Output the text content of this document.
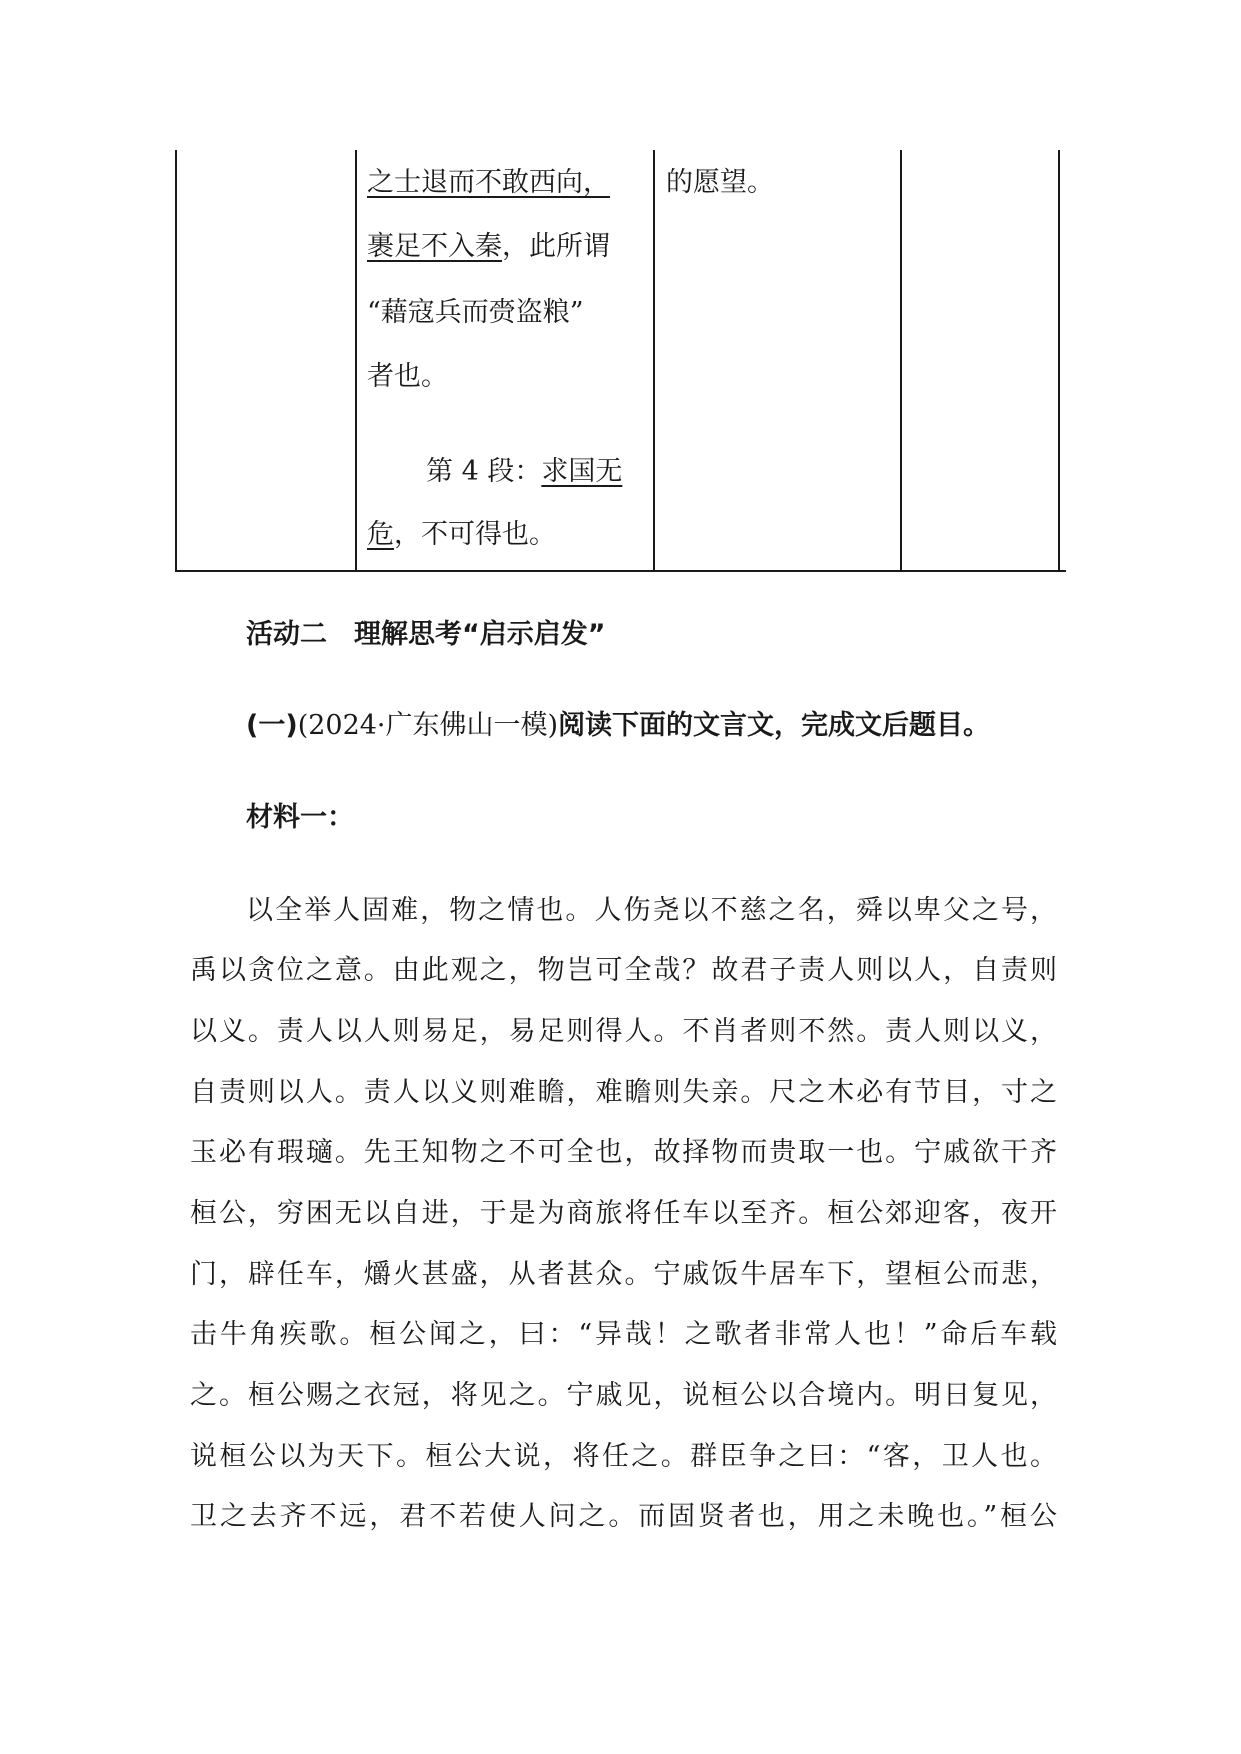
之士退而不敢西向，
裹足不入秦，此所谓
“藉寇兵而赍盗粮”
者也。
第 4 段：求国无
危，不可得也。
的愿望。
活动二　理解思考“启示启发”
(一)(2024·广东佛山一模)阅读下面的文言文，完成文后题目。
材料一：
以全举人固难，物之情也。人伤尧以不慈之名，舜以卑父之号，
禹以贪位之意。由此观之，物岂可全哉？故君子责人则以人，自责则
以义。责人以人则易足，易足则得人。不肖者则不然。责人则以义，
自责则以人。责人以义则难瞻，难瞻则失亲。尺之木必有节目，寸之
玉必有瑕瓋。先王知物之不可全也，故择物而贵取一也。宁戚欲干齐
桓公，穷困无以自进，于是为商旅将任车以至齐。桓公郊迎客，夜开
门，辟任车，爝火甚盛，从者甚众。宁戚饭牛居车下，望桓公而悲，
击牛角疾歌。桓公闻之，曰：“异哉！之歌者非常人也！”命后车载
之。桓公赐之衣冠，将见之。宁戚见，说桓公以合境内。明日复见，
说桓公以为天下。桓公大说，将任之。群臣争之曰：“客，卫人也。
卫之去齐不远，君不若使人问之。而固贤者也，用之未晚也。”桓公
